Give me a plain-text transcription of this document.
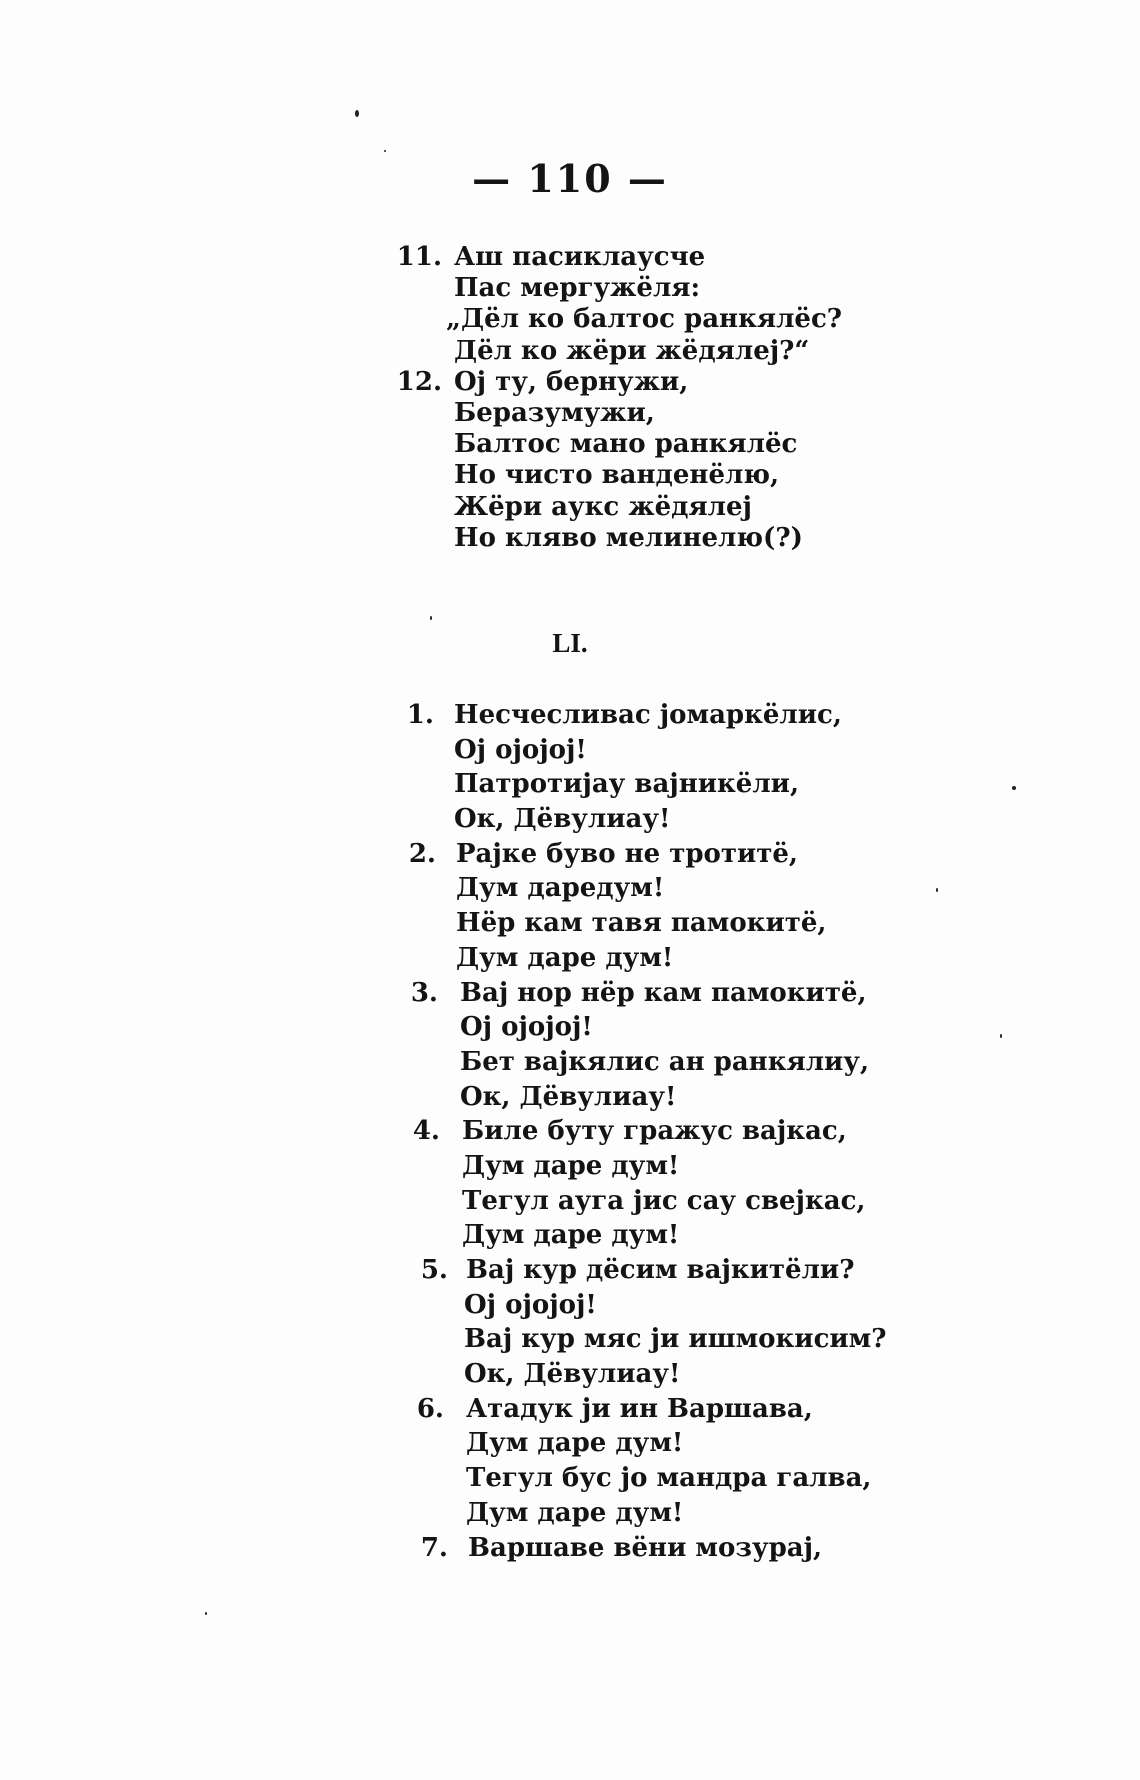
— 110 —
11. Аш пасиклаусче
Пас мергужёля:
„Дёл ко балтос ранкялёс?
Дёл ко жёри жёдялеј?“
12. Ој ту, бернужи,
Беразумужи,
Балтос мано ранкялёс
Но чисто ванденёлю,
Жёри аукс жёдялеј
Но кляво мелинелю(?)
LI.
1. Несчесливас јомаркёлис,
Ој ојојој!
Патротијау вајникёли,
Ок, Дёвулиау!
2. Рајке буво не тротитё,
Дум даредум!
Нёр кам тавя памокитё,
Дум даре дум!
3. Вај нор нёр кам памокитё,
Ој ојојој!
Бет вајкялис ан ранкялиу,
Ок, Дёвулиау!
4. Биле буту гражус вајкас,
Дум даре дум!
Тегул ауга јис сау свејкас,
Дум даре дум!
5. Вај кур дёсим вајкитёли?
Ој ојојој!
Вај кур мяс ји ишмокисим?
Ок, Дёвулиау!
6. Атадук ји ин Варшава,
Дум даре дум!
Тегул бус јо мандра галва,
Дум даре дум!
7. Варшаве вёни мозурај,
